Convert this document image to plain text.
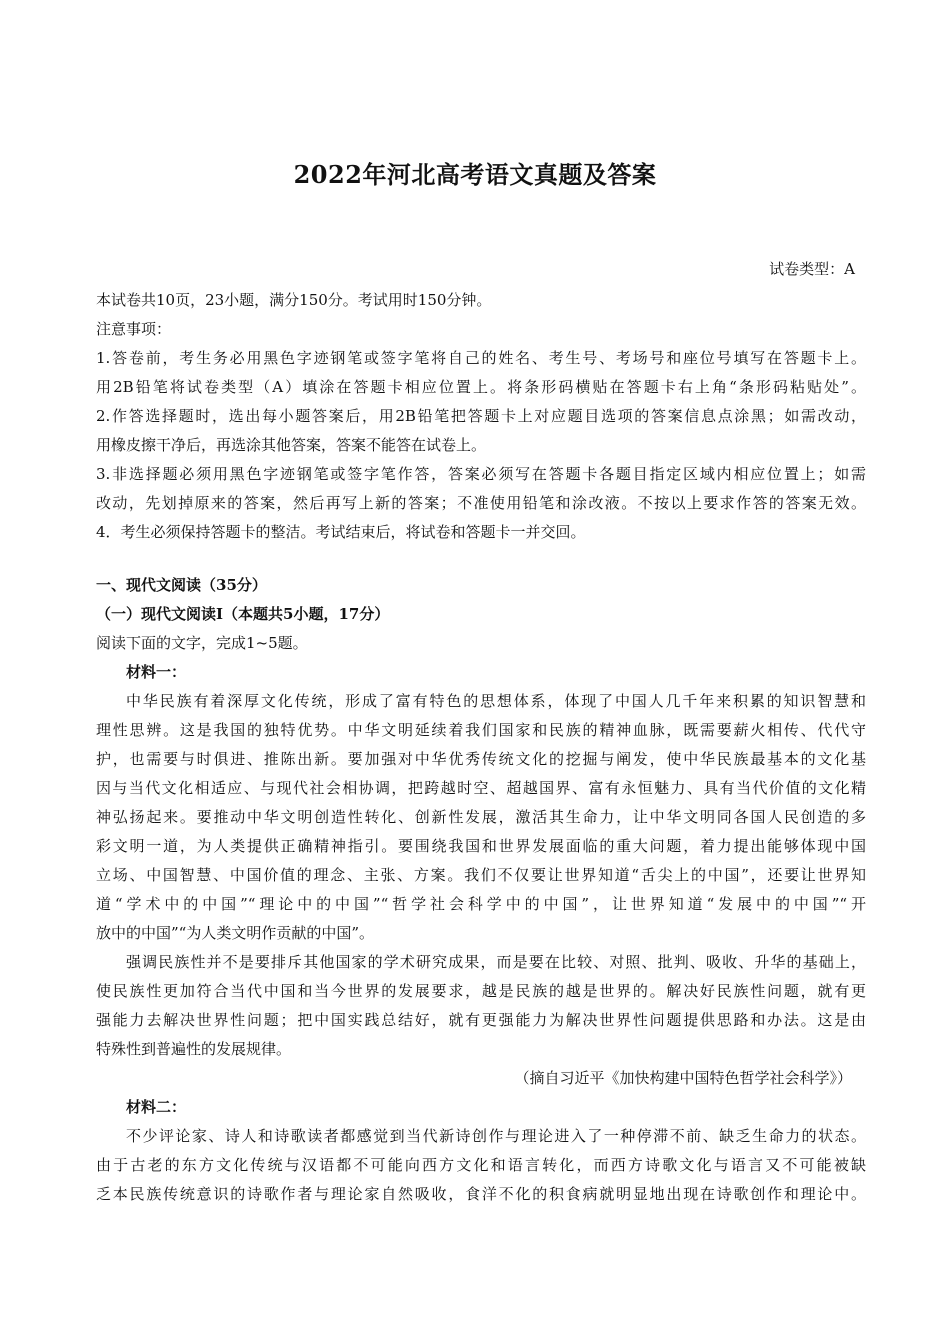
2022年河北高考语文真题及答案
试卷类型：A
本试卷共10页，23小题，满分150分。考试用时150分钟。
注意事项：
1.答卷前，考生务必用黑色字迹钢笔或签字笔将自己的姓名、考生号、考场号和座位号填写在答题卡上。
用2B铅笔将试卷类型（A）填涂在答题卡相应位置上。将条形码横贴在答题卡右上角“条形码粘贴处”。
2.作答选择题时，选出每小题答案后，用2B铅笔把答题卡上对应题目选项的答案信息点涂黑；如需改动，
用橡皮擦干净后，再选涂其他答案，答案不能答在试卷上。
3.非选择题必须用黑色字迹钢笔或签字笔作答，答案必须写在答题卡各题目指定区域内相应位置上；如需
改动，先划掉原来的答案，然后再写上新的答案；不准使用铅笔和涂改液。不按以上要求作答的答案无效。
4．考生必须保持答题卡的整洁。考试结束后，将试卷和答题卡一并交回。
一、现代文阅读（35分）
（一）现代文阅读Ⅰ（本题共5小题，17分）
阅读下面的文字，完成1~5题。
材料一：
中华民族有着深厚文化传统，形成了富有特色的思想体系，体现了中国人几千年来积累的知识智慧和
理性思辨。这是我国的独特优势。中华文明延续着我们国家和民族的精神血脉，既需要薪火相传、代代守
护，也需要与时俱进、推陈出新。要加强对中华优秀传统文化的挖掘与阐发，使中华民族最基本的文化基
因与当代文化相适应、与现代社会相协调，把跨越时空、超越国界、富有永恒魅力、具有当代价值的文化精
神弘扬起来。要推动中华文明创造性转化、创新性发展，激活其生命力，让中华文明同各国人民创造的多
彩文明一道，为人类提供正确精神指引。要围绕我国和世界发展面临的重大问题，着力提出能够体现中国
立场、中国智慧、中国价值的理念、主张、方案。我们不仅要让世界知道“舌尖上的中国”，还要让世界知
道“学术中的中国”“理论中的中国”“哲学社会科学中的中国”，让世界知道“发展中的中国”“开
放中的中国”“为人类文明作贡献的中国”。
强调民族性并不是要排斥其他国家的学术研究成果，而是要在比较、对照、批判、吸收、升华的基础上，
使民族性更加符合当代中国和当今世界的发展要求，越是民族的越是世界的。解决好民族性问题，就有更
强能力去解决世界性问题；把中国实践总结好，就有更强能力为解决世界性问题提供思路和办法。这是由
特殊性到普遍性的发展规律。
（摘自习近平《加快构建中国特色哲学社会科学》）
材料二：
不少评论家、诗人和诗歌读者都感觉到当代新诗创作与理论进入了一种停滞不前、缺乏生命力的状态。
由于古老的东方文化传统与汉语都不可能向西方文化和语言转化，而西方诗歌文化与语言又不可能被缺
乏本民族传统意识的诗歌作者与理论家自然吸收，食洋不化的积食病就明显地出现在诗歌创作和理论中。
